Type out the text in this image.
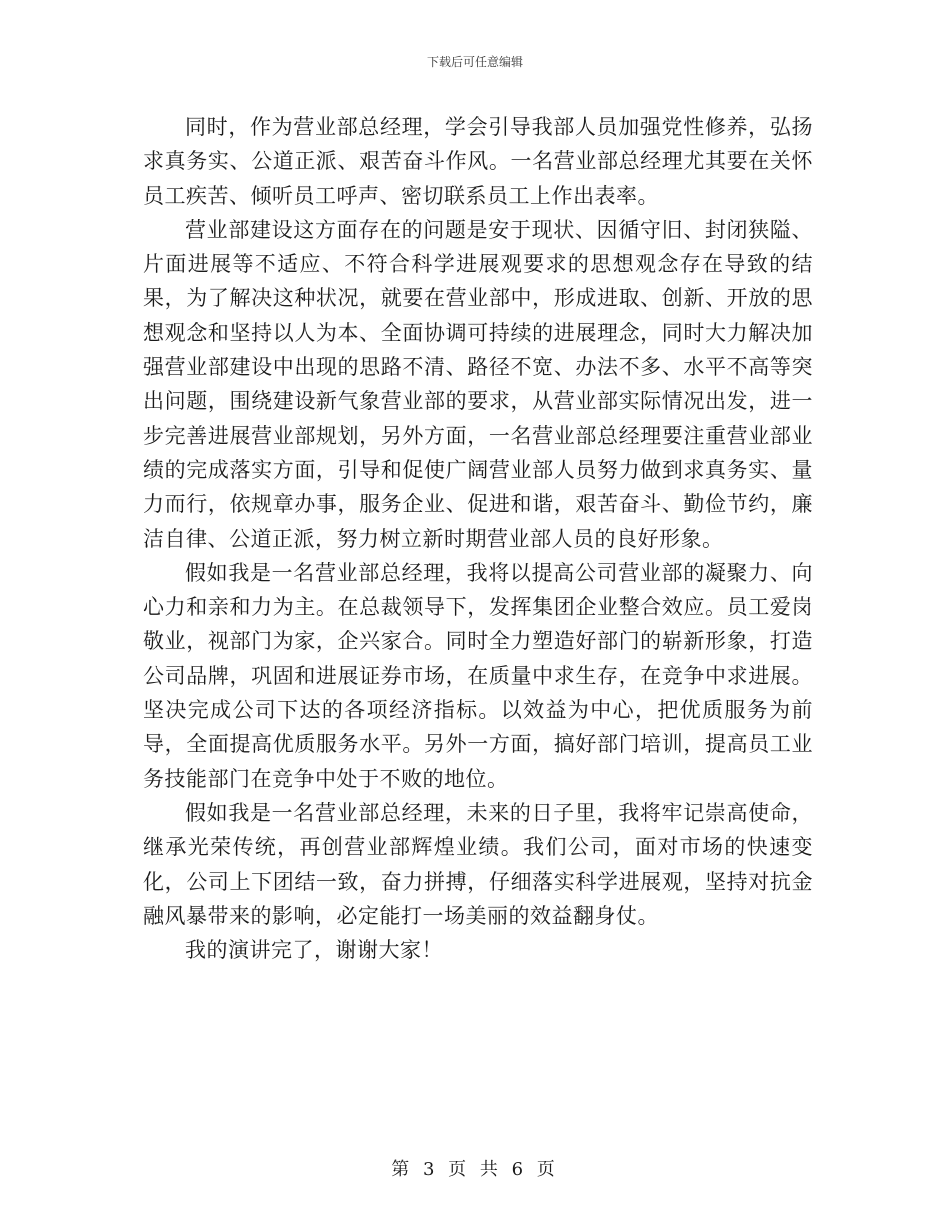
下载后可任意编辑

同时，作为营业部总经理，学会引导我部人员加强党性修养，弘扬求真务实、公道正派、艰苦奋斗作风。一名营业部总经理尤其要在关怀员工疾苦、倾听员工呼声、密切联系员工上作出表率。

营业部建设这方面存在的问题是安于现状、因循守旧、封闭狭隘、片面进展等不适应、不符合科学进展观要求的思想观念存在导致的结果，为了解决这种状况，就要在营业部中，形成进取、创新、开放的思想观念和坚持以人为本、全面协调可持续的进展理念，同时大力解决加强营业部建设中出现的思路不清、路径不宽、办法不多、水平不高等突出问题，围绕建设新气象营业部的要求，从营业部实际情况出发，进一步完善进展营业部规划，另外方面，一名营业部总经理要注重营业部业绩的完成落实方面，引导和促使广阔营业部人员努力做到求真务实、量力而行，依规章办事，服务企业、促进和谐，艰苦奋斗、勤俭节约，廉洁自律、公道正派，努力树立新时期营业部人员的良好形象。

假如我是一名营业部总经理，我将以提高公司营业部的凝聚力、向心力和亲和力为主。在总裁领导下，发挥集团企业整合效应。员工爱岗敬业，视部门为家，企兴家合。同时全力塑造好部门的崭新形象，打造公司品牌，巩固和进展证券市场，在质量中求生存，在竞争中求进展。坚决完成公司下达的各项经济指标。以效益为中心，把优质服务为前导，全面提高优质服务水平。另外一方面，搞好部门培训，提高员工业务技能部门在竞争中处于不败的地位。

假如我是一名营业部总经理，未来的日子里，我将牢记崇高使命，继承光荣传统，再创营业部辉煌业绩。我们公司，面对市场的快速变化，公司上下团结一致，奋力拼搏，仔细落实科学进展观，坚持对抗金融风暴带来的影响，必定能打一场美丽的效益翻身仗。

我的演讲完了，谢谢大家！

第 3 页 共 6 页
